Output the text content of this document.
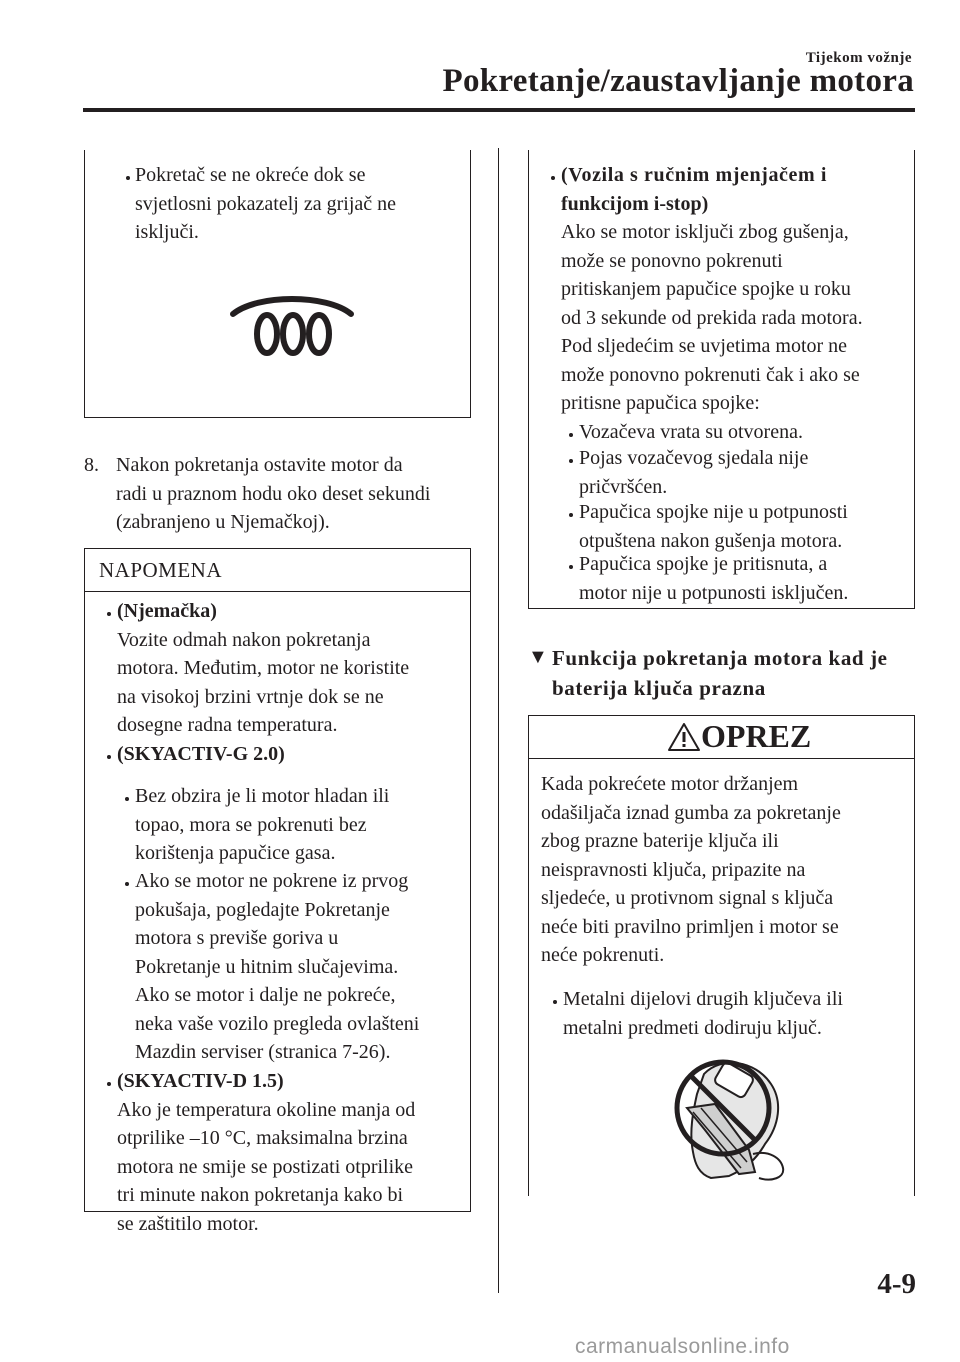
Tijekom vožnje
Pokretanje/zaustavljanje motora
Pokretač se ne okreće dok se
svjetlosni pokazatelj za grijač ne
isključi.
8. Nakon pokretanja ostavite motor da
radi u praznom hodu oko deset sekundi
(zabranjeno u Njemačkoj).
NAPOMENA
(Njemačka)
Vozite odmah nakon pokretanja
motora. Međutim, motor ne koristite
na visokoj brzini vrtnje dok se ne
dosegne radna temperatura.
(SKYACTIV-G 2.0)
Bez obzira je li motor hladan ili
topao, mora se pokrenuti bez
korištenja papučice gasa.
Ako se motor ne pokrene iz prvog
pokušaja, pogledajte Pokretanje
motora s previše goriva u
Pokretanje u hitnim slučajevima.
Ako se motor i dalje ne pokreće,
neka vaše vozilo pregleda ovlašteni
Mazdin serviser (stranica 7-26).
(SKYACTIV-D 1.5)
Ako je temperatura okoline manja od
otprilike –10 °C, maksimalna brzina
motora ne smije se postizati otprilike
tri minute nakon pokretanja kako bi
se zaštitilo motor.
(Vozila s ručnim mjenjačem i
funkcijom i-stop)
Ako se motor isključi zbog gušenja,
može se ponovno pokrenuti
pritiskanjem papučice spojke u roku
od 3 sekunde od prekida rada motora.
Pod sljedećim se uvjetima motor ne
može ponovno pokrenuti čak i ako se
pritisne papučica spojke:
Vozačeva vrata su otvorena.
Pojas vozačevog sjedala nije
pričvršćen.
Papučica spojke nije u potpunosti
otpuštena nakon gušenja motora.
Papučica spojke je pritisnuta, a
motor nije u potpunosti isključen.
▼ Funkcija pokretanja motora kad je
baterija ključa prazna
OPREZ
Kada pokrećete motor držanjem
odašiljača iznad gumba za pokretanje
zbog prazne baterije ključa ili
neispravnosti ključa, pripazite na
sljedeće, u protivnom signal s ključa
neće biti pravilno primljen i motor se
neće pokrenuti.
Metalni dijelovi drugih ključeva ili
metalni predmeti dodiruju ključ.
4-9
carmanualsonline.info
